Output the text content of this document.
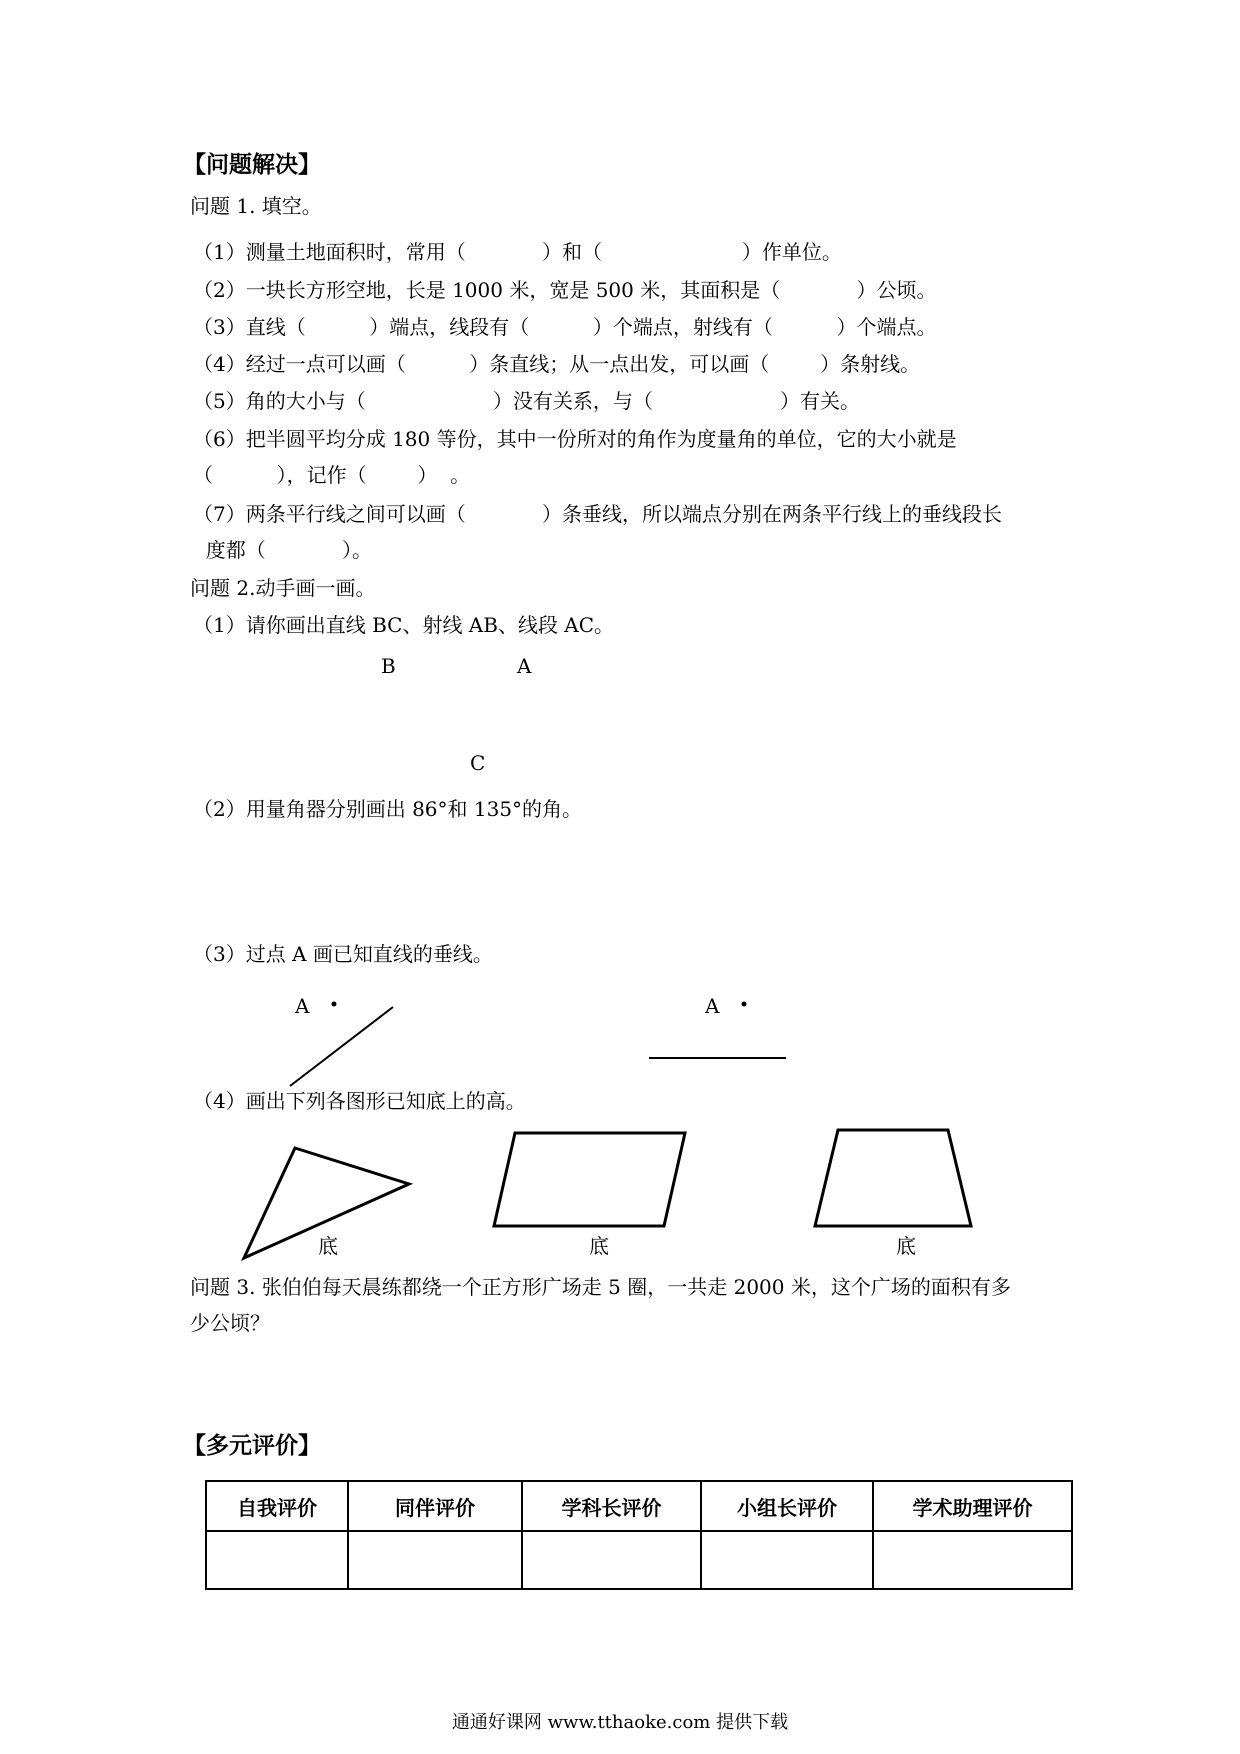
【问题解决】
问题 1. 填空。
（1）测量土地面积时，常用（            ）和（                      ）作单位。
（2）一块长方形空地，长是 1000 米，宽是 500 米，其面积是（            ）公顷。
（3）直线（          ）端点，线段有（          ）个端点，射线有（          ）个端点。
（4）经过一点可以画（          ）条直线；从一点出发，可以画（        ）条射线。
（5）角的大小与（                    ）没有关系，与（                    ）有关。
（6）把半圆平均分成 180 等份，其中一份所对的角作为度量角的单位，它的大小就是
（          ），记作（        ）  。
（7）两条平行线之间可以画（            ）条垂线，所以端点分别在两条平行线上的垂线段长
度都（            ）。
问题 2.动手画一画。
（1）请你画出直线 BC、射线 AB、线段 AC。
B	A
C
（2）用量角器分别画出 86°和 135°的角。
（3）过点 A 画已知直线的垂线。
A	A
（4）画出下列各图形已知底上的高。
底	底	底
问题 3. 张伯伯每天晨练都绕一个正方形广场走 5 圈，一共走 2000 米，这个广场的面积有多
少公顷？
【多元评价】
自我评价	同伴评价	学科长评价	小组长评价	学术助理评价

通通好课网 www.tthaoke.com 提供下载
